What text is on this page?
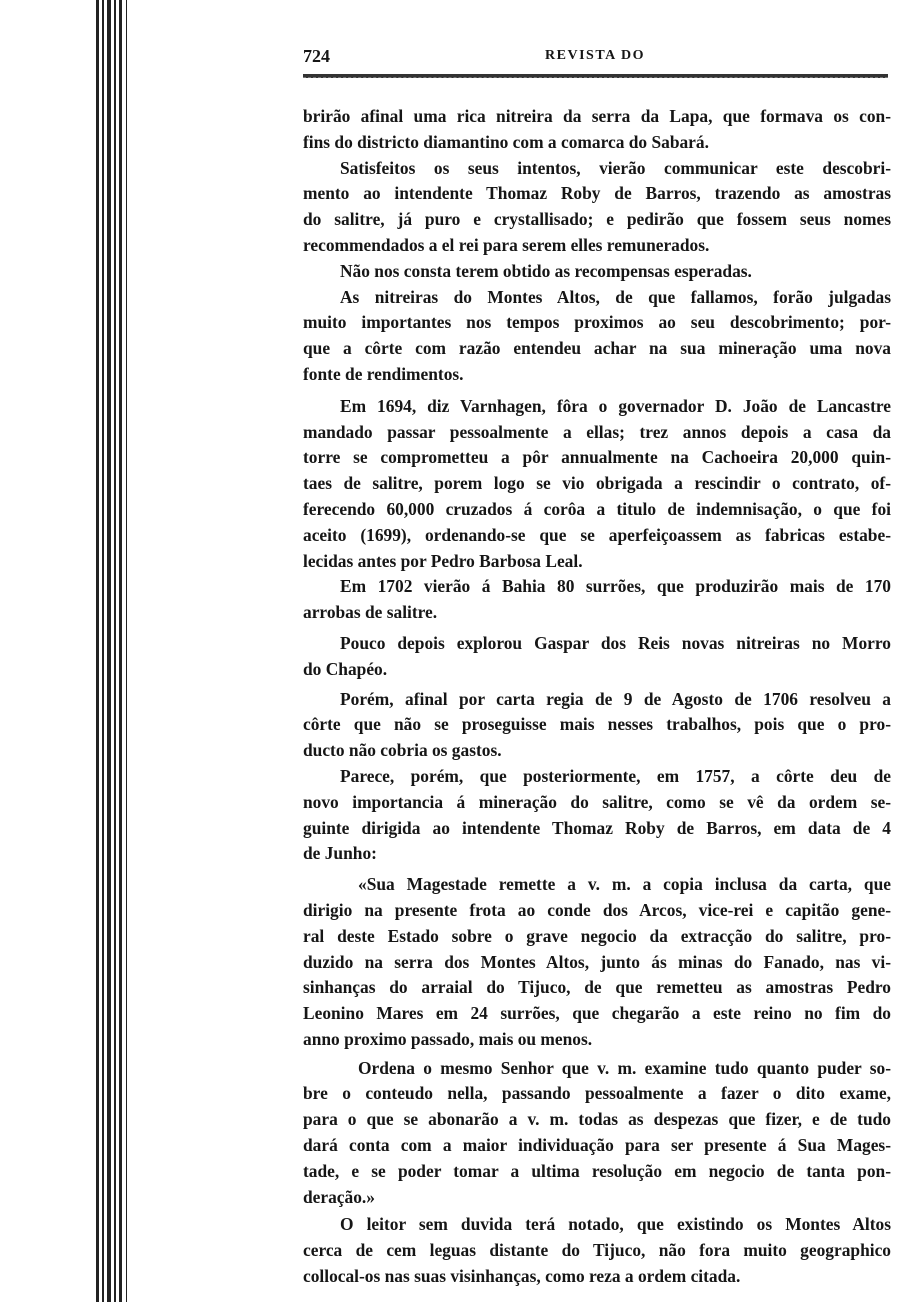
724	REVISTA DO
brirão afinal uma rica nitreira da serra da Lapa, que formava os con-
fins do districto diamantino com a comarca do Sabará.
Satisfeitos os seus intentos, vierão communicar este descobri-
mento ao intendente Thomaz Roby de Barros, trazendo as amostras
do salitre, já puro e crystallisado; e pedirão que fossem seus nomes
recommendados a el rei para serem elles remunerados.
Não nos consta terem obtido as recompensas esperadas.
As nitreiras do Montes Altos, de que fallamos, forão julgadas
muito importantes nos tempos proximos ao seu descobrimento; por-
que a côrte com razão entendeu achar na sua mineração uma nova
fonte de rendimentos.
Em 1694, diz Varnhagen, fôra o governador D. João de Lancastre
mandado passar pessoalmente a ellas; trez annos depois a casa da
torre se comprometteu a pôr annualmente na Cachoeira 20,000 quin-
taes de salitre, porem logo se vio obrigada a rescindir o contrato, of-
ferecendo 60,000 cruzados á corôa a titulo de indemnisação, o que foi
aceito (1699), ordenando-se que se aperfeiçoassem as fabricas estabe-
lecidas antes por Pedro Barbosa Leal.
Em 1702 vierão á Bahia 80 surrões, que produzirão mais de 170
arrobas de salitre.
Pouco depois explorou Gaspar dos Reis novas nitreiras no Morro
do Chapéo.
Porém, afinal por carta regia de 9 de Agosto de 1706 resolveu a
côrte que não se proseguisse mais nesses trabalhos, pois que o pro-
ducto não cobria os gastos.
Parece, porém, que posteriormente, em 1757, a côrte deu de
novo importancia á mineração do salitre, como se vê da ordem se-
guinte dirigida ao intendente Thomaz Roby de Barros, em data de 4
de Junho:
«Sua Magestade remette a v. m. a copia inclusa da carta, que
dirigio na presente frota ao conde dos Arcos, vice-rei e capitão gene-
ral deste Estado sobre o grave negocio da extracção do salitre, pro-
duzido na serra dos Montes Altos, junto ás minas do Fanado, nas vi-
sinhanças do arraial do Tijuco, de que remetteu as amostras Pedro
Leonino Mares em 24 surrões, que chegarão a este reino no fim do
anno proximo passado, mais ou menos.
Ordena o mesmo Senhor que v. m. examine tudo quanto puder so-
bre o conteudo nella, passando pessoalmente a fazer o dito exame,
para o que se abonarão a v. m. todas as despezas que fizer, e de tudo
dará conta com a maior individuação para ser presente á Sua Mages-
tade, e se poder tomar a ultima resolução em negocio de tanta pon-
deração.»
O leitor sem duvida terá notado, que existindo os Montes Altos
cerca de cem leguas distante do Tijuco, não fora muito geographico
collocal-os nas suas visinhanças, como reza a ordem citada.
